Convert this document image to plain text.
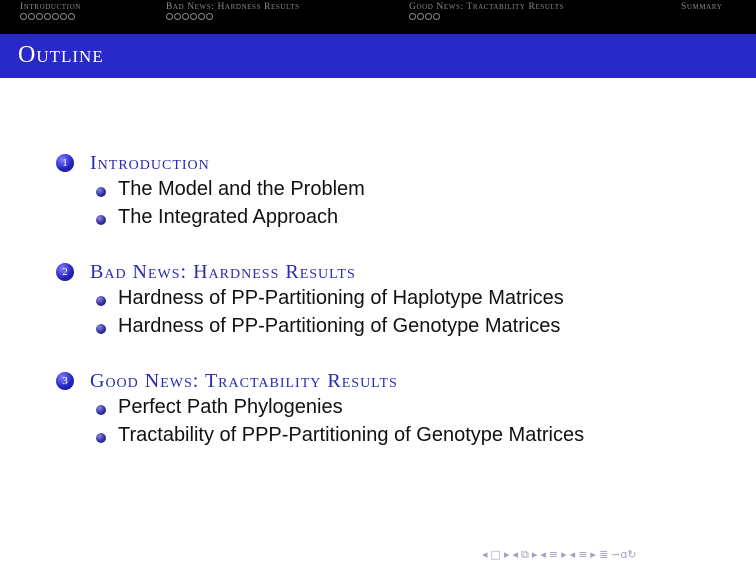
Introduction	Bad News: Hardness Results	Good News: Tractability Results	Summary
Outline
1	Introduction
The Model and the Problem
The Integrated Approach
2	Bad News: Hardness Results
Hardness of PP-Partitioning of Haplotype Matrices
Hardness of PP-Partitioning of Genotype Matrices
3	Good News: Tractability Results
Perfect Path Phylogenies
Tractability of PPP-Partitioning of Genotype Matrices
◂ □ ▸ ◂ ⧉ ▸ ◂ ≡ ▸ ◂ ≡ ▸ ≣ ∽ɑ↻
